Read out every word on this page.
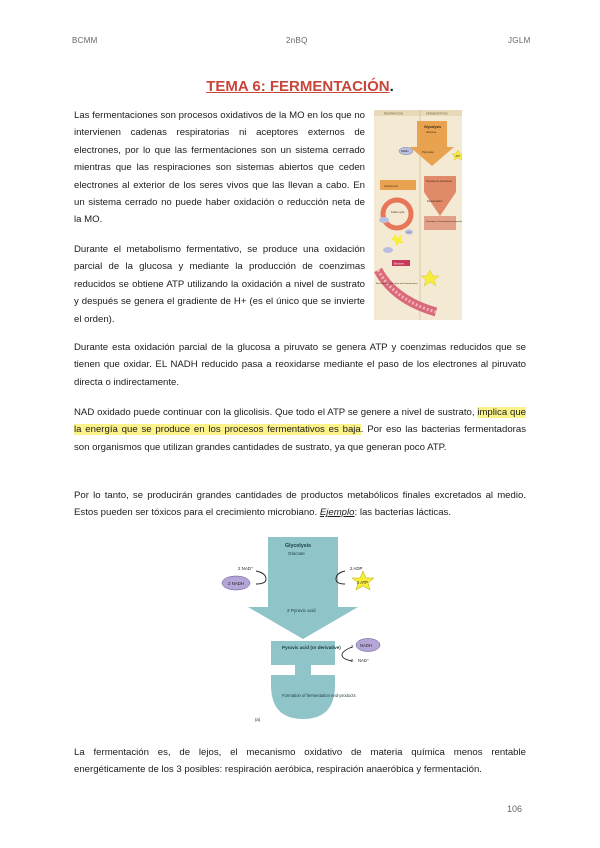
BCMM	2nBQ	JGLM
TEMA 6: FERMENTACIÓN.
Las fermentaciones son procesos oxidativos de la MO en los que no intervienen cadenas respiratorias ni aceptores externos de electrones, por lo que las fermentaciones son un sistema cerrado mientras que las respiraciones son sistemas abiertos que ceden electrones al exterior de los seres vivos que las llevan a cabo. En un sistema cerrado no puede haber oxidación o reducción neta de la MO.
Durante el metabolismo fermentativo, se produce una oxidación parcial de la glucosa y mediante la producción de coenzimas reducidos se obtiene ATP utilizando la oxidación a nivel de sustrato y después se genera el gradiente de H+ (es el único que se invierte el orden).
RESPIRATION	FERMENTATION
Glycolysis
Glucose
Pyruvate
NADH
ATP
Acetyl-CoA
Krebs cycle
CO₂
Pyruvate (or derivatives)
Fermentation
Formation of fermentation end-products
Electrons
Electron transport chain and chemiosmosis
Durante esta oxidación parcial de la glucosa a piruvato se genera ATP y coenzimas reducidos que se tienen que oxidar. EL NADH reducido pasa a reoxidarse mediante el paso de los electrones al piruvato directa o indirectamente.
NAD oxidado puede continuar con la glicolisis. Que todo el ATP se genere a nivel de sustrato, implica que la energía que se produce en los procesos fermentativos es baja. Por eso las bacterias fermentadoras son organismos que utilizan grandes cantidades de sustrato, ya que generan poco ATP.
Por lo tanto, se producirán grandes cantidades de productos metabólicos finales excretados al medio. Estos pueden ser tóxicos para el crecimiento microbiano. Ejemplo: las bacterias lácticas.
Glycolysis
Glucose
2 Pyruvic acid
2 NAD⁺
2 NADH
2 ADP
2 ATP
Pyruvic acid (or derivative)
Formation of fermentation end-products
2 NADH
2 NAD⁺
(a)
La fermentación es, de lejos, el mecanismo oxidativo de materia química menos rentable energéticamente de los 3 posibles: respiración aeróbica, respiración anaeróbica y fermentación.
106
